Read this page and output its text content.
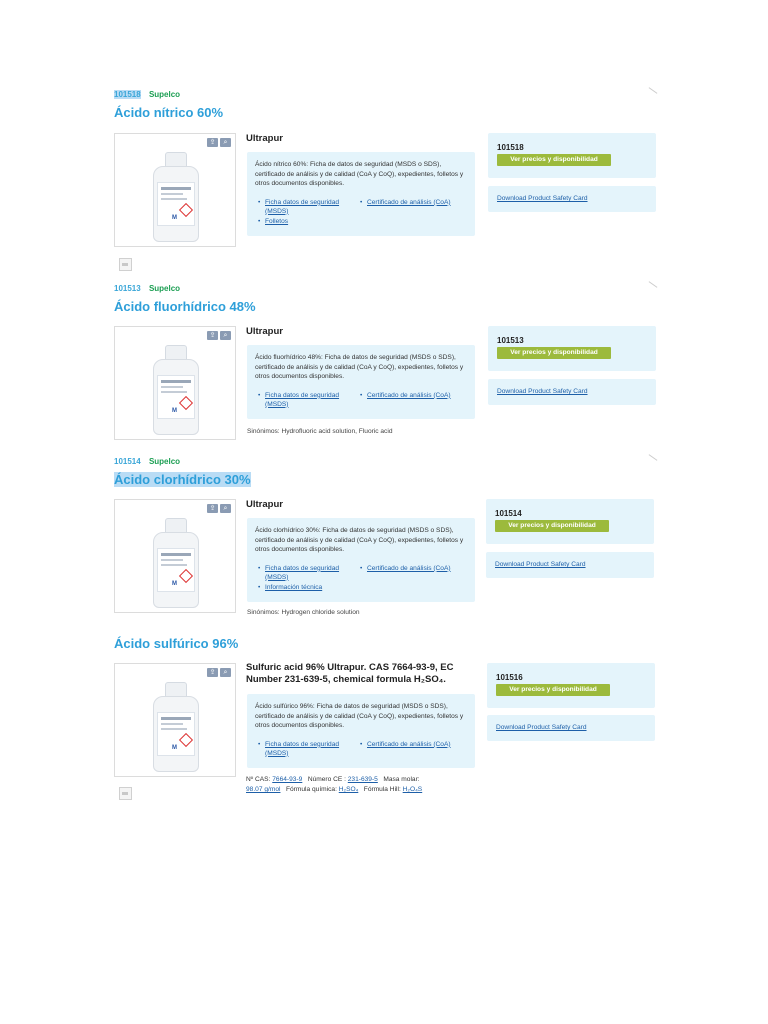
101518 Supelco
Ácido nítrico 60%
⇪	⌕
M
Ultrapur

Ácido nítrico 60%: Ficha de datos de seguridad (MSDS o SDS), certificado de análisis y de calidad (CoA y CoQ), expedientes, folletos y otros documentos disponibles.

• Ficha datos de seguridad (MSDS)
• Folletos
• Certificado de análisis (CoA)
101518
Ver precios y disponibilidad
Download Product Safety Card
101513 Supelco
Ácido fluorhídrico 48%
⇪	⌕
M
Ultrapur

Ácido fluorhídrico 48%: Ficha de datos de seguridad (MSDS o SDS), certificado de análisis y de calidad (CoA y CoQ), expedientes, folletos y otros documentos disponibles.

• Ficha datos de seguridad (MSDS)
• Certificado de análisis (CoA)
Sinónimos: Hydrofluoric acid solution, Fluoric acid
101513
Ver precios y disponibilidad
Download Product Safety Card
101514 Supelco
Ácido clorhídrico 30%
⇪	⌕
M
Ultrapur

Ácido clorhídrico 30%: Ficha de datos de seguridad (MSDS o SDS), certificado de análisis y de calidad (CoA y CoQ), expedientes, folletos y otros documentos disponibles.

• Ficha datos de seguridad (MSDS)
• Información técnica
• Certificado de análisis (CoA)
Sinónimos: Hydrogen chloride solution
101514
Ver precios y disponibilidad
Download Product Safety Card
Ácido sulfúrico 96%
⇪	⌕
M
Sulfuric acid 96% Ultrapur. CAS 7664-93-9, EC Number 231-639-5, chemical formula H₂SO₄.

Ácido sulfúrico 96%: Ficha de datos de seguridad (MSDS o SDS), certificado de análisis y de calidad (CoA y CoQ), expedientes, folletos y otros documentos disponibles.

• Ficha datos de seguridad (MSDS)
• Certificado de análisis (CoA)
Nº CAS: 7664-93-9 Número CE : 231-639-5 Masa molar:
98.07 g/mol Fórmula química: H₂SO₄ Fórmula Hill: H₂O₄S
101516
Ver precios y disponibilidad
Download Product Safety Card
